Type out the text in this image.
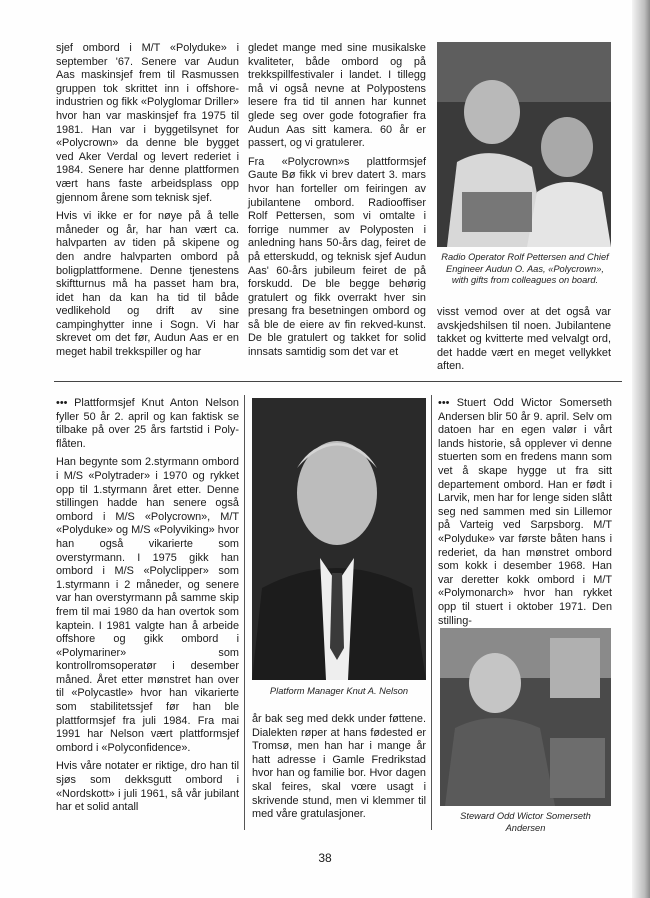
sjef ombord i M/T «Polyduke» i september '67. Senere var Audun Aas maskinsjef frem til Rasmussen gruppen tok skrittet inn i offshore-industrien og fikk «Polyglomar Driller» hvor han var maskinsjef fra 1975 til 1981. Han var i byggetilsynet for «Polycrown» da denne ble bygget ved Aker Verdal og levert rederiet i 1984. Senere har denne plattformen vært hans faste arbeidsplass opp gjennom årene som teknisk sjef.

Hvis vi ikke er for nøye på å telle måneder og år, har han vært ca. halvparten av tiden på skipene og den andre halvparten ombord på boligplattformene. Denne tjenestens skiftturnus må ha passet ham bra, idet han da kan ha tid til både vedlikehold og drift av sine campinghytter inne i Sogn. Vi har skrevet om det før, Audun Aas er en meget habil trekkspiller og har

gledet mange med sine musikalske kvaliteter, både ombord og på trekkspillfestivaler i landet. I tillegg må vi også nevne at Polypostens lesere fra tid til annen har kunnet glede seg over gode fotografier fra Audun Aas sitt kamera. 60 år er passert, og vi gratulerer.

Fra «Polycrown»s plattformsjef Gaute Bø fikk vi brev datert 3. mars hvor han forteller om feiringen av jubilantene ombord. Radiooffiser Rolf Pettersen, som vi omtalte i forrige nummer av Polyposten i anledning hans 50-års dag, feiret de på etterskudd, og teknisk sjef Audun Aas' 60-års jubileum feiret de på forskudd. De ble begge behørig gratulert og fikk overrakt hver sin presang fra besetningen ombord og så ble de eiere av fin rekved-kunst. De ble gratulert og takket for solid innsats samtidig som det var et

Radio Operator Rolf Pettersen and Chief Engineer Audun O. Aas, «Polycrown», with gifts from colleagues on board.

visst vemod over at det også var avskjedshilsen til noen. Jubilantene takket og kvitterte med velvalgt ord, det hadde vært en meget vellykket aften.

••• Plattformsjef Knut Anton Nelson fyller 50 år 2. april og kan faktisk se tilbake på over 25 års fartstid i Poly-flåten.

Han begynte som 2.styrmann ombord i M/S «Polytrader» i 1970 og rykket opp til 1.styrmann året etter. Denne stillingen hadde han senere også ombord i M/S «Polycrown», M/T «Polyduke» og M/S «Polyviking» hvor han også vikarierte som overstyrmann. I 1975 gikk han ombord i M/S «Polyclipper» som 1.styrmann i 2 måneder, og senere var han overstyrmann på samme skip frem til mai 1980 da han overtok som kaptein. I 1981 valgte han å arbeide offshore og gikk ombord i «Polymariner» som kontrollromsoperatør i desember måned. Året etter mønstret han over til «Polycastle» hvor han vikarierte som stabilitetssjef før han ble plattformsjef fra juli 1984. Fra mai 1991 har Nelson vært plattformsjef ombord i «Polyconfidence».

Hvis våre notater er riktige, dro han til sjøs som dekksgutt ombord i «Nordskott» i juli 1961, så vår jubilant har et solid antall

Platform Manager Knut A. Nelson

år bak seg med dekk under føttene. Dialekten røper at hans fødested er Tromsø, men han har i mange år hatt adresse i Gamle Fredrikstad hvor han og familie bor. Hvor dagen skal feires, skal vœre usagt i skrivende stund, men vi klemmer til med våre gratulasjoner.

••• Stuert Odd Wictor Somerseth Andersen blir 50 år 9. april. Selv om datoen har en egen valør i vårt lands historie, så opplever vi denne stuerten som en fredens mann som vet å skape hygge ut fra sitt departement ombord. Han er født i Larvik, men har for lenge siden slått seg ned sammen med sin Lillemor på Varteig ved Sarpsborg. M/T «Polyduke» var første båten hans i rederiet, da han mønstret ombord som kokk i desember 1968. Han var deretter kokk ombord i M/T «Polymonarch» hvor han rykket opp til stuert i oktober 1971. Den stilling-

Steward Odd Wictor Somerseth Andersen
38
